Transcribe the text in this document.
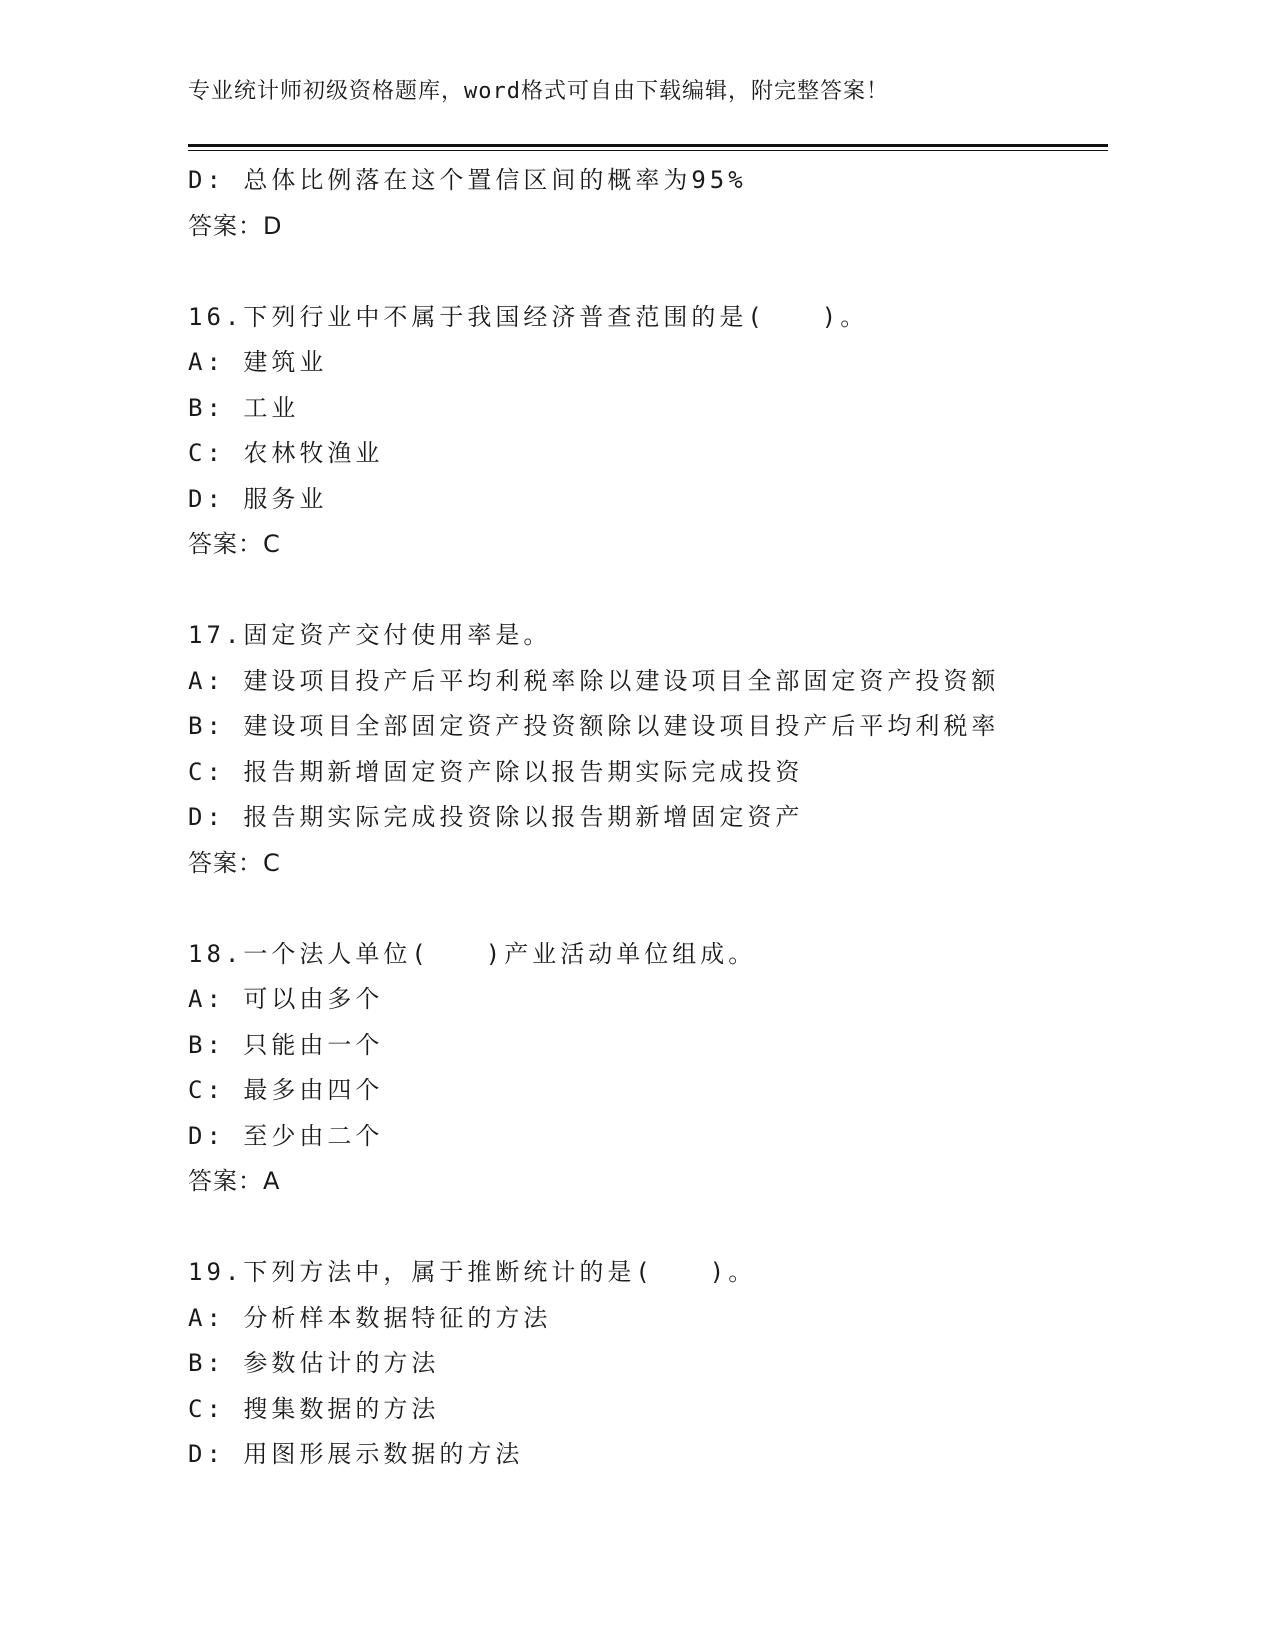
专业统计师初级资格题库，word格式可自由下载编辑，附完整答案！
D: 总体比例落在这个置信区间的概率为95%
答案：D
16.下列行业中不属于我国经济普查范围的是(　　)。
A: 建筑业
B: 工业
C: 农林牧渔业
D: 服务业
答案：C
17.固定资产交付使用率是。
A: 建设项目投产后平均利税率除以建设项目全部固定资产投资额
B: 建设项目全部固定资产投资额除以建设项目投产后平均利税率
C: 报告期新增固定资产除以报告期实际完成投资
D: 报告期实际完成投资除以报告期新增固定资产
答案：C
18.一个法人单位(　　)产业活动单位组成。
A: 可以由多个
B: 只能由一个
C: 最多由四个
D: 至少由二个
答案：A
19.下列方法中，属于推断统计的是(　　)。
A: 分析样本数据特征的方法
B: 参数估计的方法
C: 搜集数据的方法
D: 用图形展示数据的方法
